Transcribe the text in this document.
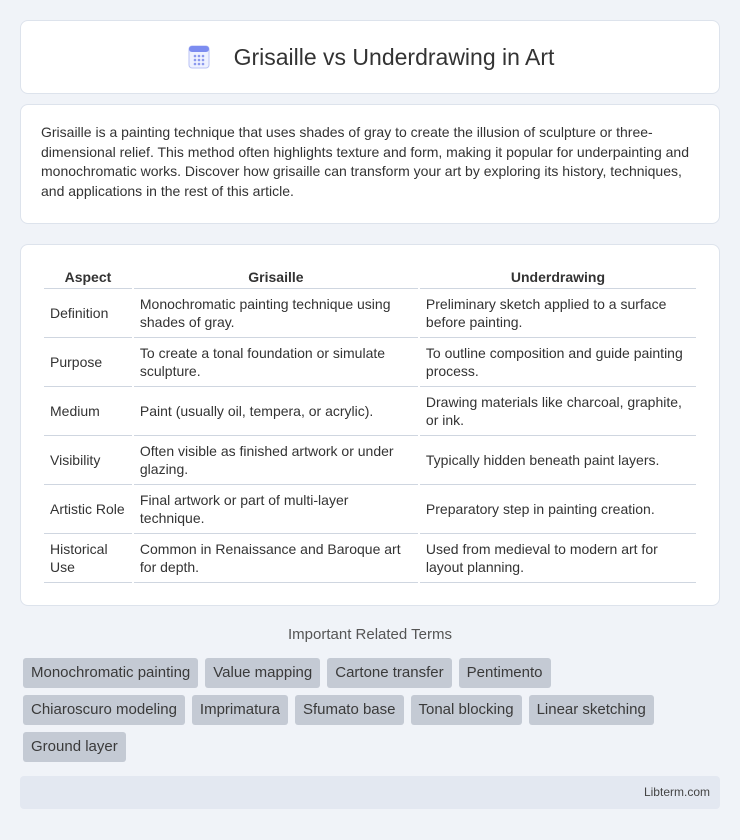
Grisaille vs Underdrawing in Art

Grisaille is a painting technique that uses shades of gray to create the illusion of sculpture or three-dimensional relief. This method often highlights texture and form, making it popular for underpainting and monochromatic works. Discover how grisaille can transform your art by exploring its history, techniques, and applications in the rest of this article.

Aspect	Grisaille	Underdrawing
Definition	Monochromatic painting technique using shades of gray.	Preliminary sketch applied to a surface before painting.
Purpose	To create a tonal foundation or simulate sculpture.	To outline composition and guide painting process.
Medium	Paint (usually oil, tempera, or acrylic).	Drawing materials like charcoal, graphite, or ink.
Visibility	Often visible as finished artwork or under glazing.	Typically hidden beneath paint layers.
Artistic Role	Final artwork or part of multi-layer technique.	Preparatory step in painting creation.
Historical Use	Common in Renaissance and Baroque art for depth.	Used from medieval to modern art for layout planning.
Important Related Terms
Monochromatic painting	Value mapping	Cartone transfer	Pentimento
Chiaroscuro modeling	Imprimatura	Sfumato base	Tonal blocking	Linear sketching
Ground layer
Libterm.com
